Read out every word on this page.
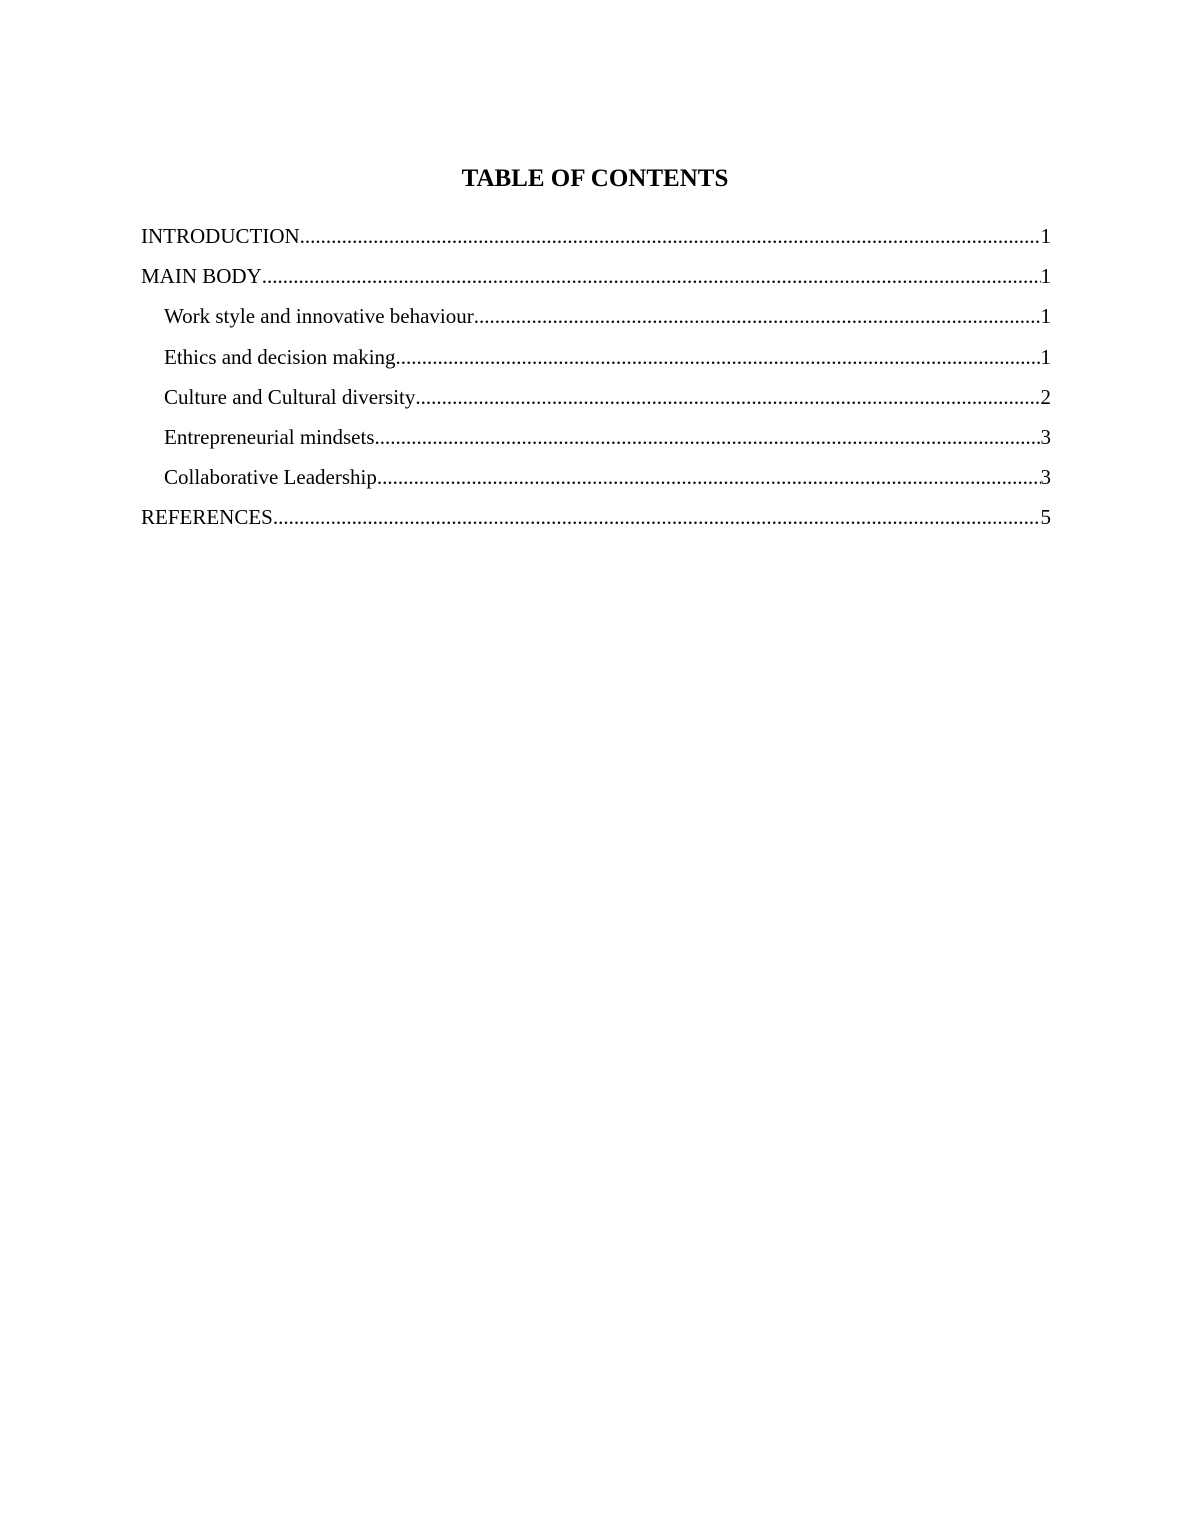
TABLE OF CONTENTS
INTRODUCTION .....	1
MAIN BODY .....	1
Work style and innovative behaviour .....	1
Ethics and decision making .....	1
Culture and Cultural diversity .....	2
Entrepreneurial mindsets .....	3
Collaborative Leadership .....	3
REFERENCES .....	5
